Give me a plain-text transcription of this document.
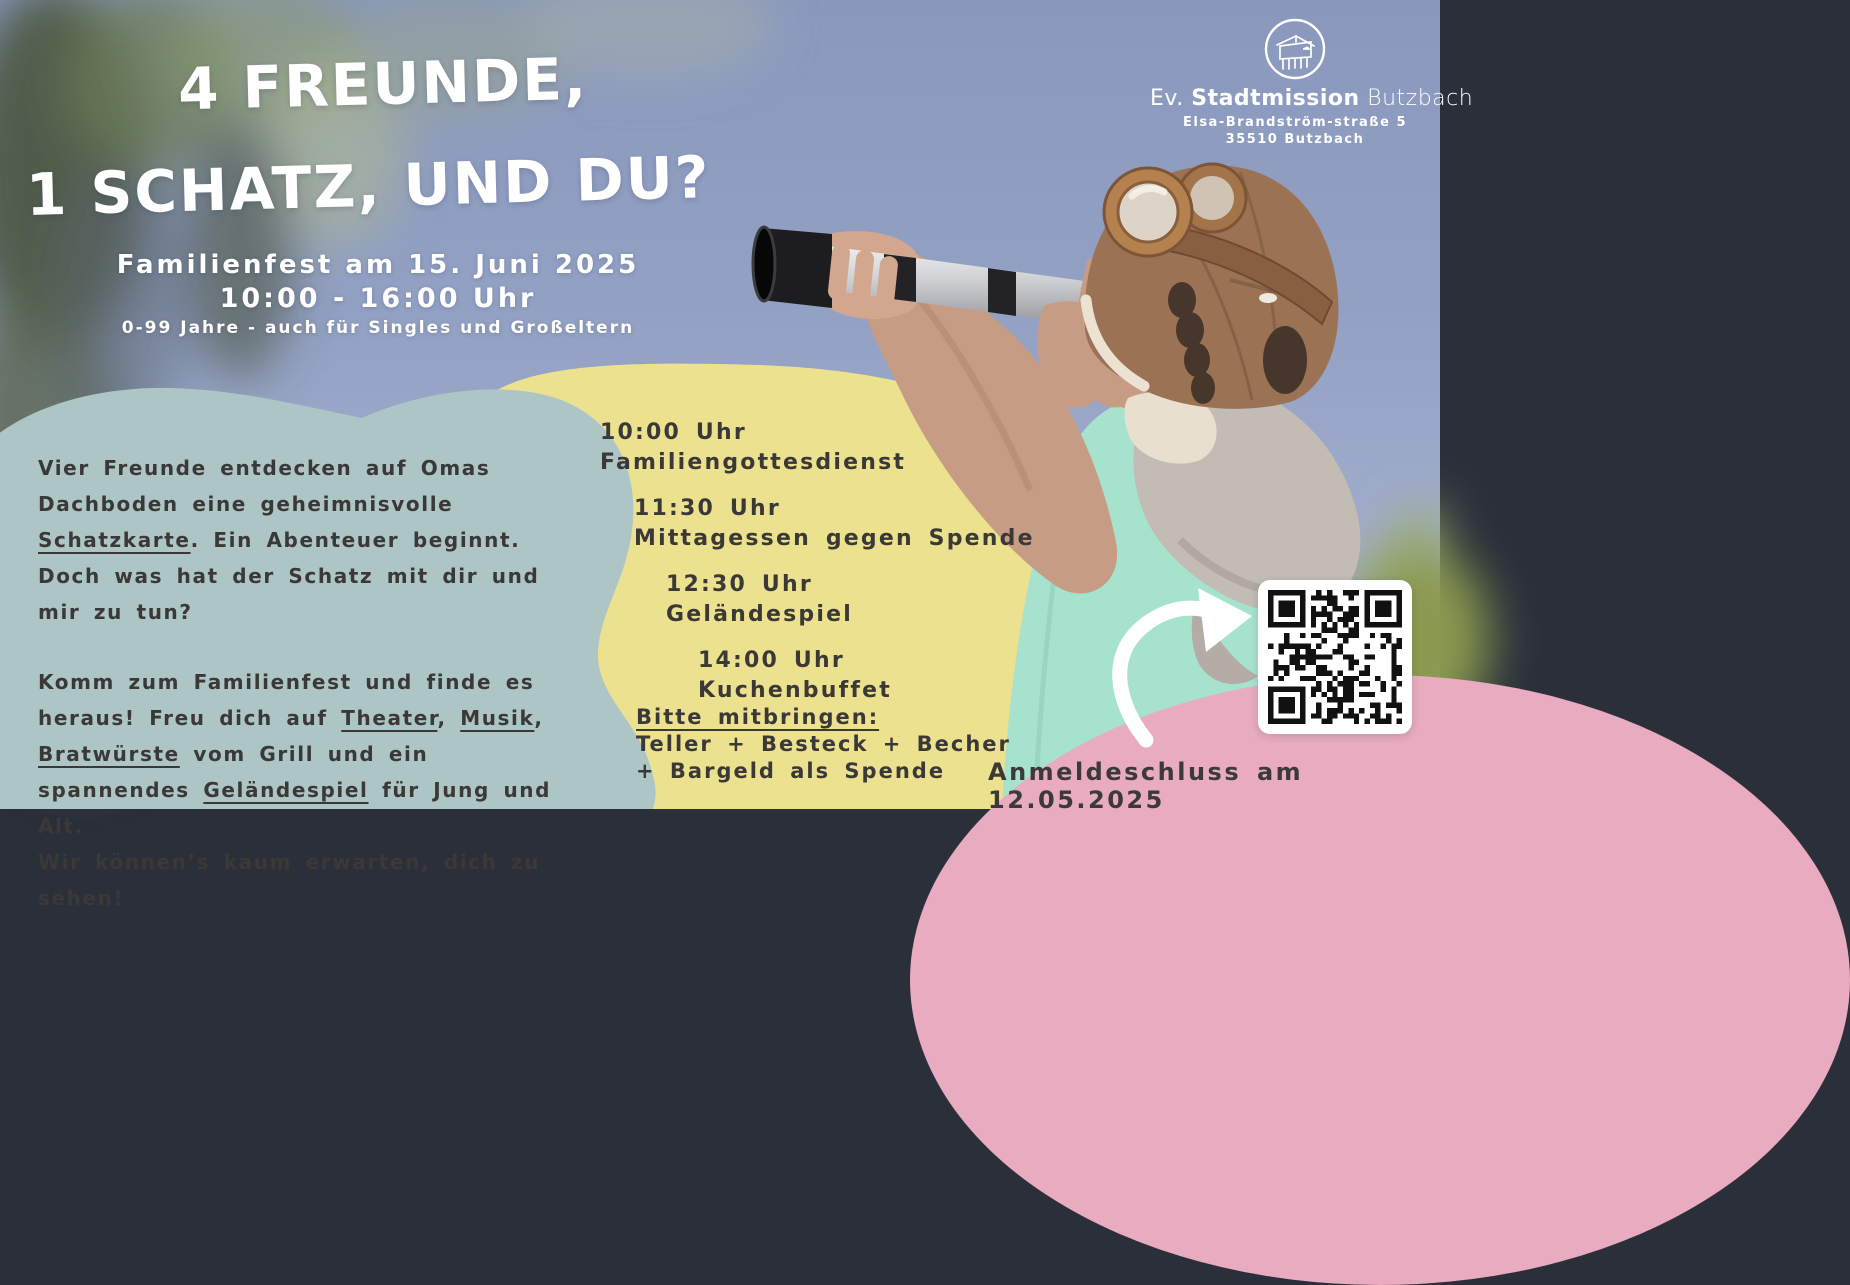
4 FREUNDE,
1 SCHATZ, UND DU?
Familienfest am 15. Juni 2025
10:00 - 16:00 Uhr
0-99 Jahre - auch für Singles und Großeltern
Ev. Stadtmission Butzbach
Elsa-Brandström-straße 5
35510 Butzbach

Vier Freunde entdecken auf Omas Dachboden eine geheimnisvolle Schatzkarte. Ein Abenteuer beginnt. Doch was hat der Schatz mit dir und mir zu tun?

Komm zum Familienfest und finde es heraus! Freu dich auf Theater, Musik, Bratwürste vom Grill und ein spannendes Geländespiel für Jung und Alt.
Wir können’s kaum erwarten, dich zu sehen!

10:00 Uhr
Familiengottesdienst
11:30 Uhr
Mittagessen gegen Spende
12:30 Uhr
Geländespiel
14:00 Uhr
Kuchenbuffet
Bitte mitbringen:
Teller + Besteck + Becher
+ Bargeld als Spende	Anmeldeschluss am 12.05.2025
